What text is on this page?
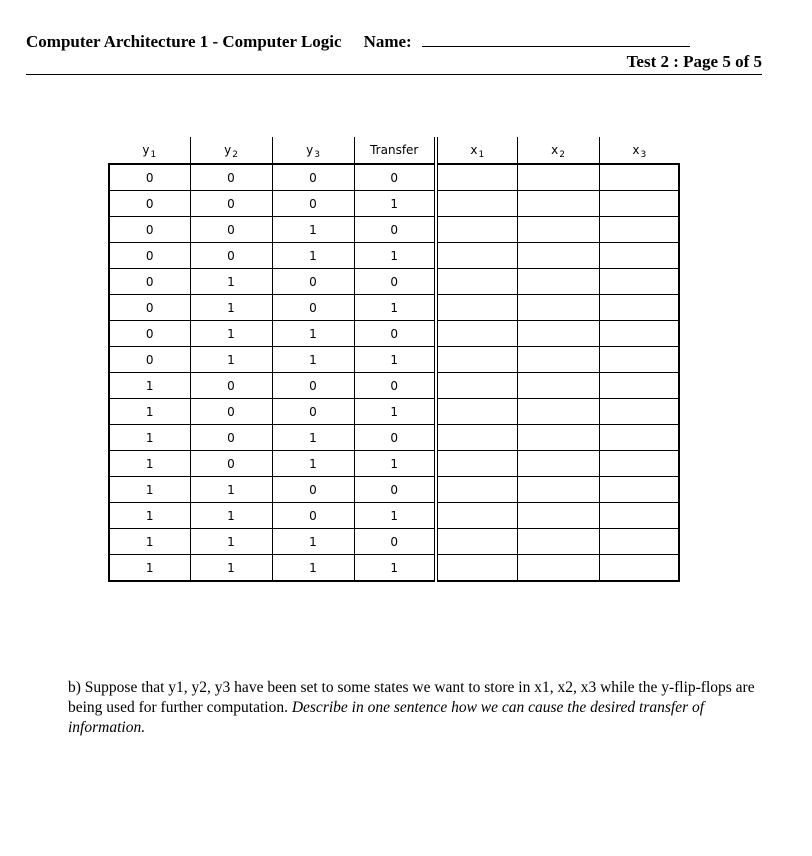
Computer Architecture 1 - Computer Logic Name:
Test 2 : Page 5 of 5
$y_1$	$y_2$	$y_3$	Transfer	$x_1$	$x_2$	$x_3$
0	0	0	0			
0	0	0	1			
0	0	1	0			
0	0	1	1			
0	1	0	0			
0	1	0	1			
0	1	1	0			
0	1	1	1			
1	0	0	0			
1	0	0	1			
1	0	1	0			
1	0	1	1			
1	1	0	0			
1	1	0	1			
1	1	1	0			
1	1	1	1			
b) Suppose that y1, y2, y3 have been set to some states we want to store in x1, x2, x3 while the y-flip-flops are being used for further computation. Describe in one sentence how we can cause the desired transfer of information.
